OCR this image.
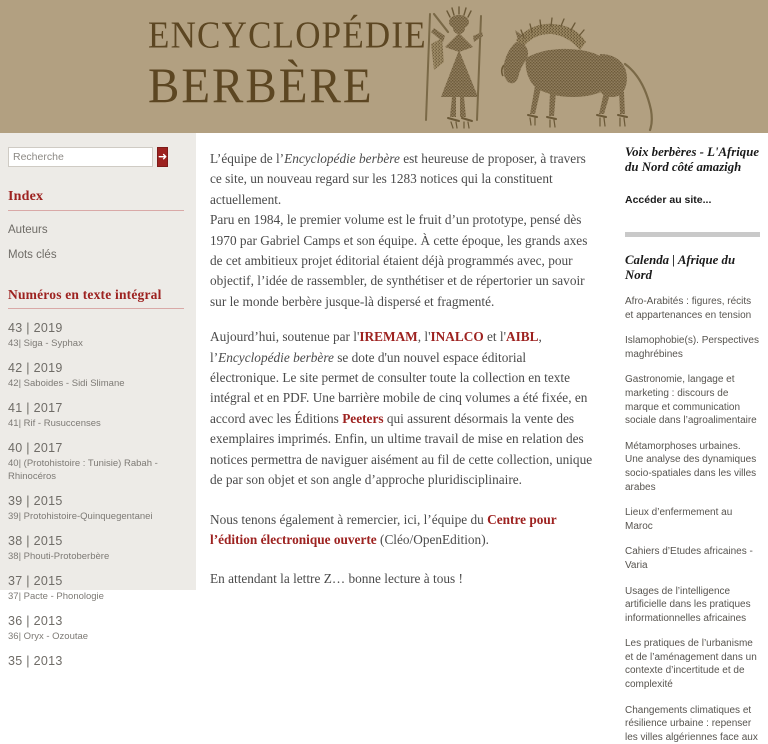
ENCYCLOPÉDIE
BERBÈRE
Recherche
➜
Index
Auteurs
Mots clés
Numéros en texte intégral
43 | 2019
43| Siga - Syphax
42 | 2019
42| Saboides - Sidi Slimane
41 | 2017
41| Rif - Rusuccenses
40 | 2017
40| (Protohistoire : Tunisie) Rabah - Rhinocéros
39 | 2015
39| Protohistoire-Quinquegentanei
38 | 2015
38| Phouti-Protoberbère
37 | 2015
37| Pacte - Phonologie
36 | 2013
36| Oryx - Ozoutae
35 | 2013

L’équipe de l’Encyclopédie berbère est heureuse de proposer, à travers ce site, un nouveau regard sur les 1283 notices qui la constituent actuellement.
Paru en 1984, le premier volume est le fruit d’un prototype, pensé dès 1970 par Gabriel Camps et son équipe. À cette époque, les grands axes de cet ambitieux projet éditorial étaient déjà programmés avec, pour objectif, l’idée de rassembler, de synthétiser et de répertorier un savoir sur le monde berbère jusque-là dispersé et fragmenté.

Aujourd’hui, soutenue par l'IREMAM, l'INALCO et l'AIBL, l’Encyclopédie berbère se dote d'un nouvel espace éditorial électronique. Le site permet de consulter toute la collection en texte intégral et en PDF. Une barrière mobile de cinq volumes a été fixée, en accord avec les Éditions Peeters qui assurent désormais la vente des exemplaires imprimés. Enfin, un ultime travail de mise en relation des notices permettra de naviguer aisément au fil de cette collection, unique de par son objet et son angle d’approche pluridisciplinaire.

Nous tenons également à remercier, ici, l’équipe du Centre pour l’édition électronique ouverte (Cléo/OpenEdition).

En attendant la lettre Z… bonne lecture à tous !

Voix berbères - L'Afrique du Nord côté amazigh
Accéder au site...
Calenda | Afrique du Nord
Afro-Arabités : figures, récits et appartenances en tension
Islamophobie(s). Perspectives maghrébines
Gastronomie, langage et marketing : discours de marque et communication sociale dans l’agroalimentaire
Métamorphoses urbaines. Une analyse des dynamiques socio-spatiales dans les villes arabes
Lieux d’enfermement au Maroc
Cahiers d’Etudes africaines - Varia
Usages de l’intelligence artificielle dans les pratiques informationnelles africaines
Les pratiques de l’urbanisme et de l’aménagement dans un contexte d’incertitude et de complexité
Changements climatiques et résilience urbaine : repenser les villes algériennes face aux
